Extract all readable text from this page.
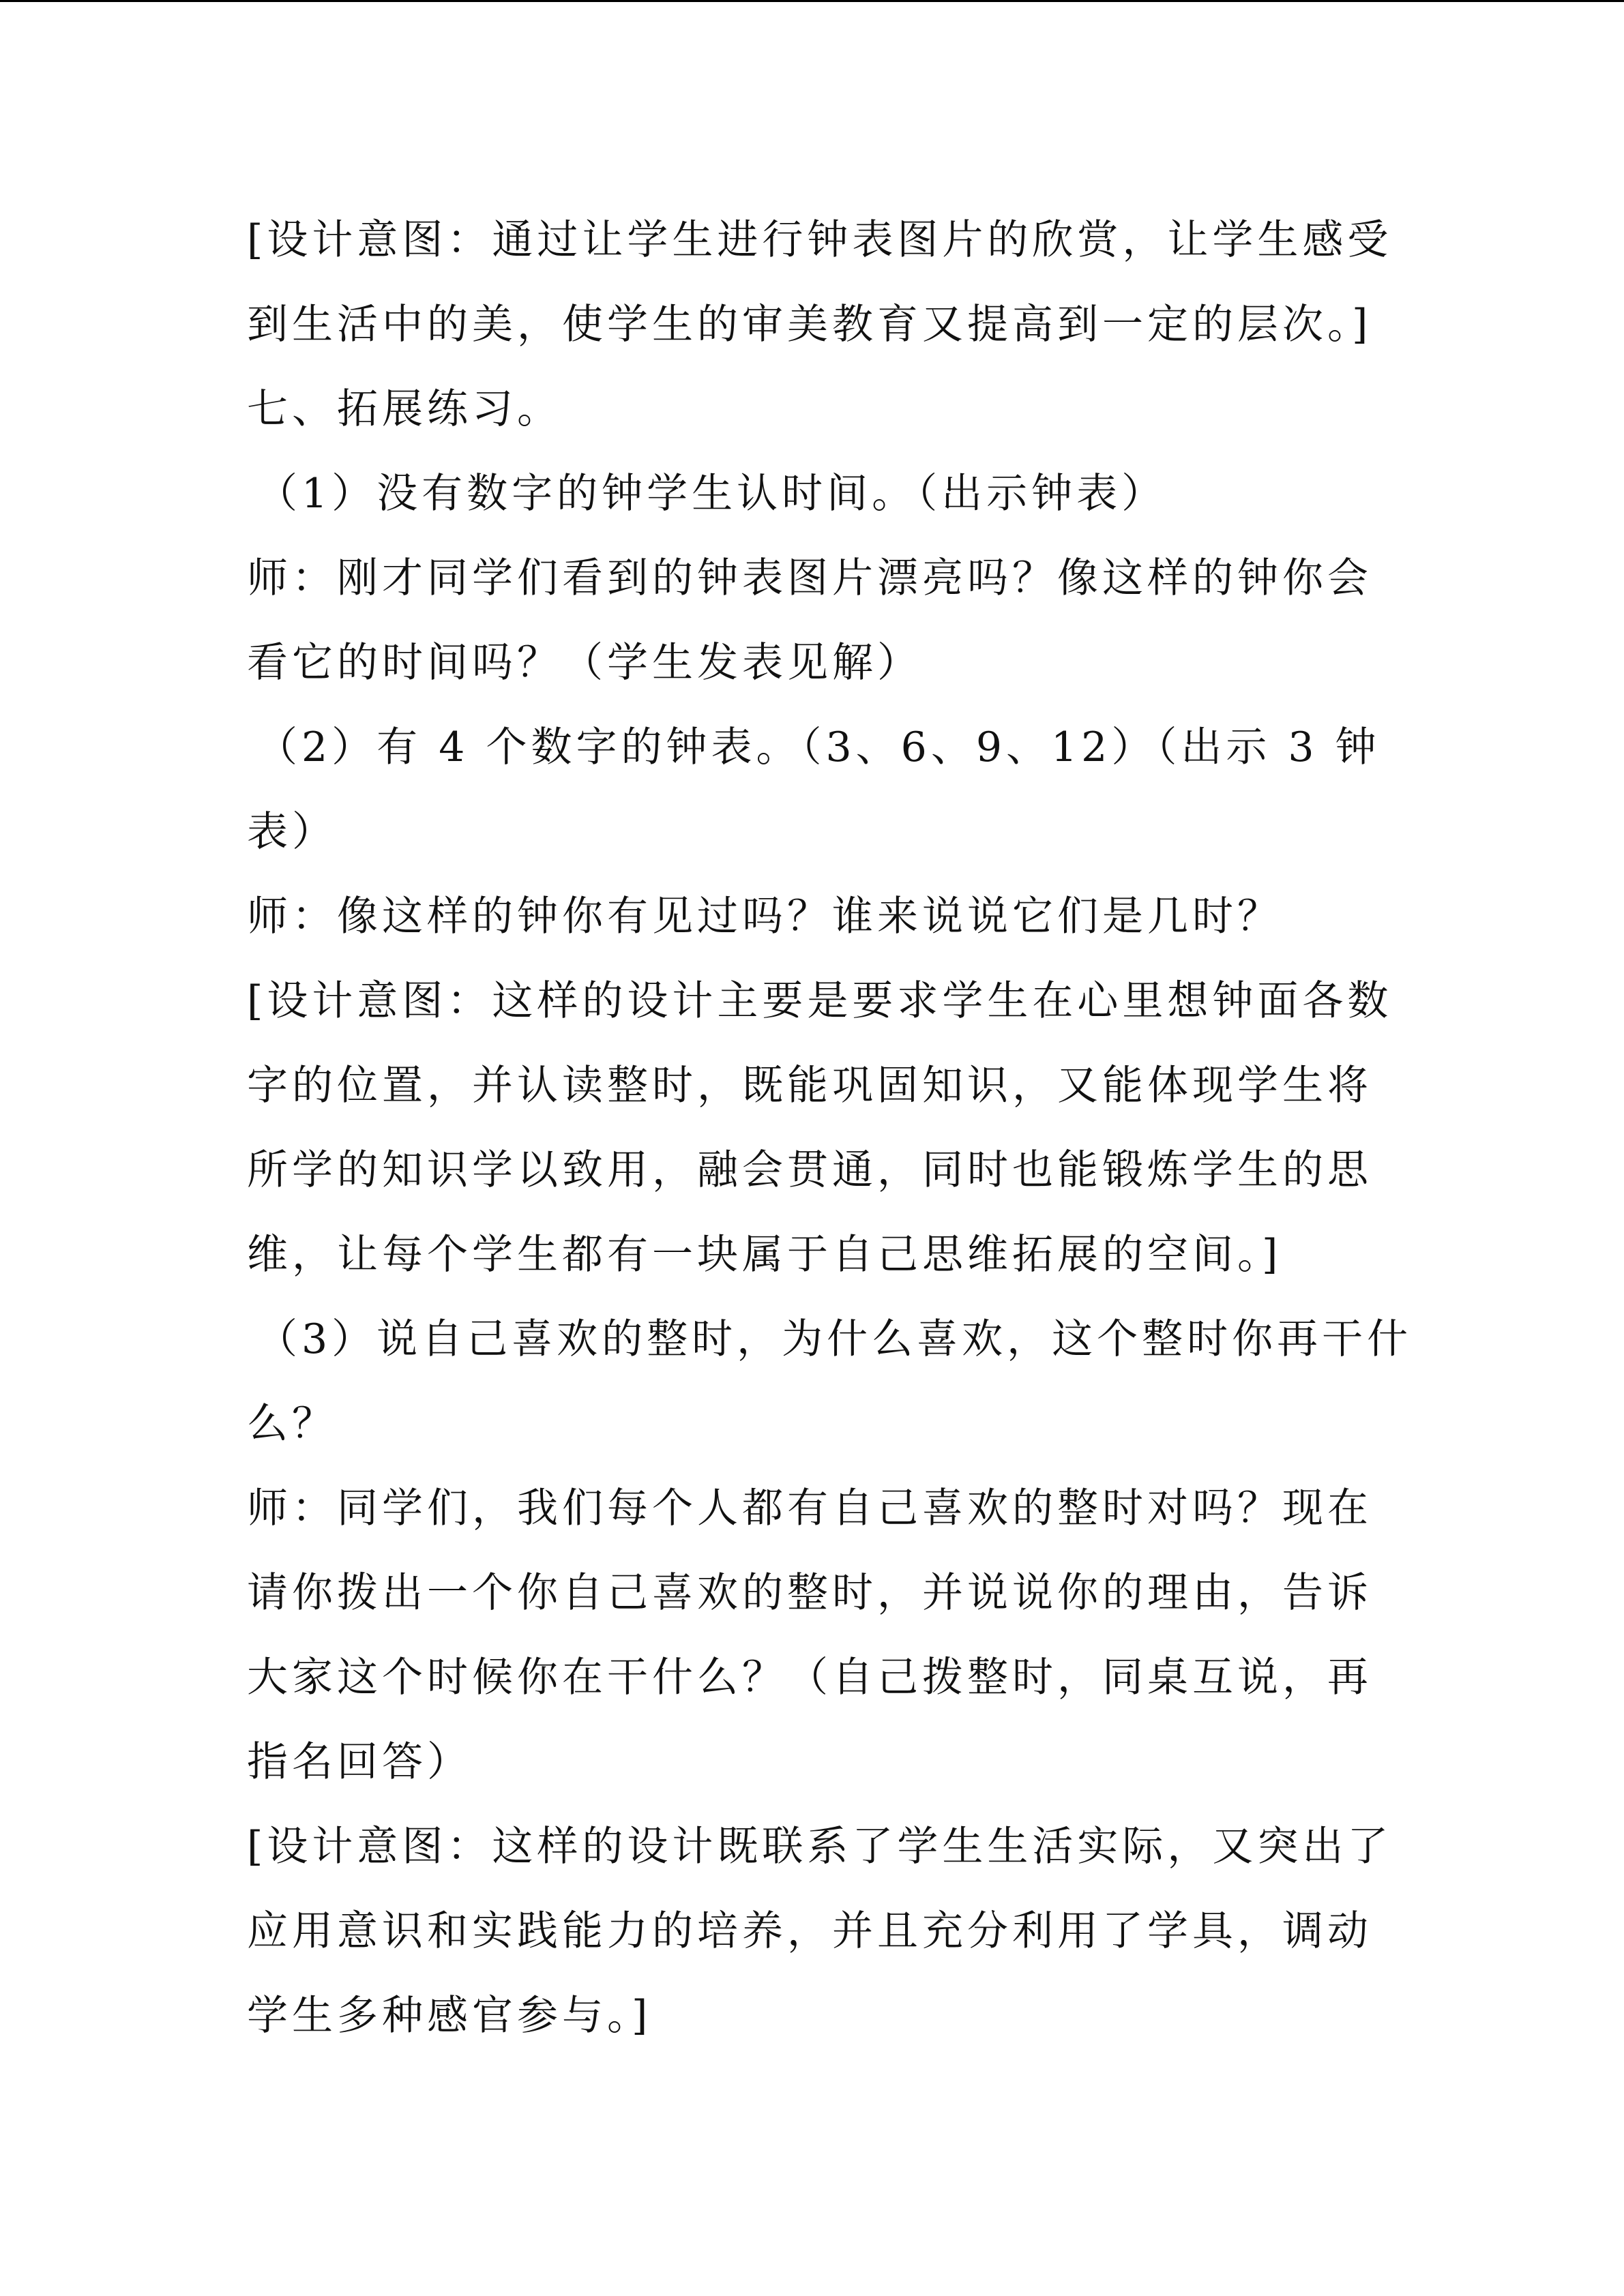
[设计意图：通过让学生进行钟表图片的欣赏，让学生感受
到生活中的美，使学生的审美教育又提高到一定的层次。]
七、拓展练习。
（1）没有数字的钟学生认时间。（出示钟表）
师：刚才同学们看到的钟表图片漂亮吗？像这样的钟你会
看它的时间吗？（学生发表见解）
（2）有 4 个数字的钟表。（3、6、9、12）（出示 3 钟
表）
师：像这样的钟你有见过吗？谁来说说它们是几时？
[设计意图：这样的设计主要是要求学生在心里想钟面各数
字的位置，并认读整时，既能巩固知识，又能体现学生将
所学的知识学以致用，融会贯通，同时也能锻炼学生的思
维，让每个学生都有一块属于自己思维拓展的空间。]
（3）说自己喜欢的整时，为什么喜欢，这个整时你再干什
么？
师：同学们，我们每个人都有自己喜欢的整时对吗？现在
请你拨出一个你自己喜欢的整时，并说说你的理由，告诉
大家这个时候你在干什么？（自己拨整时，同桌互说，再
指名回答）
[设计意图：这样的设计既联系了学生生活实际，又突出了
应用意识和实践能力的培养，并且充分利用了学具，调动
学生多种感官参与。]
